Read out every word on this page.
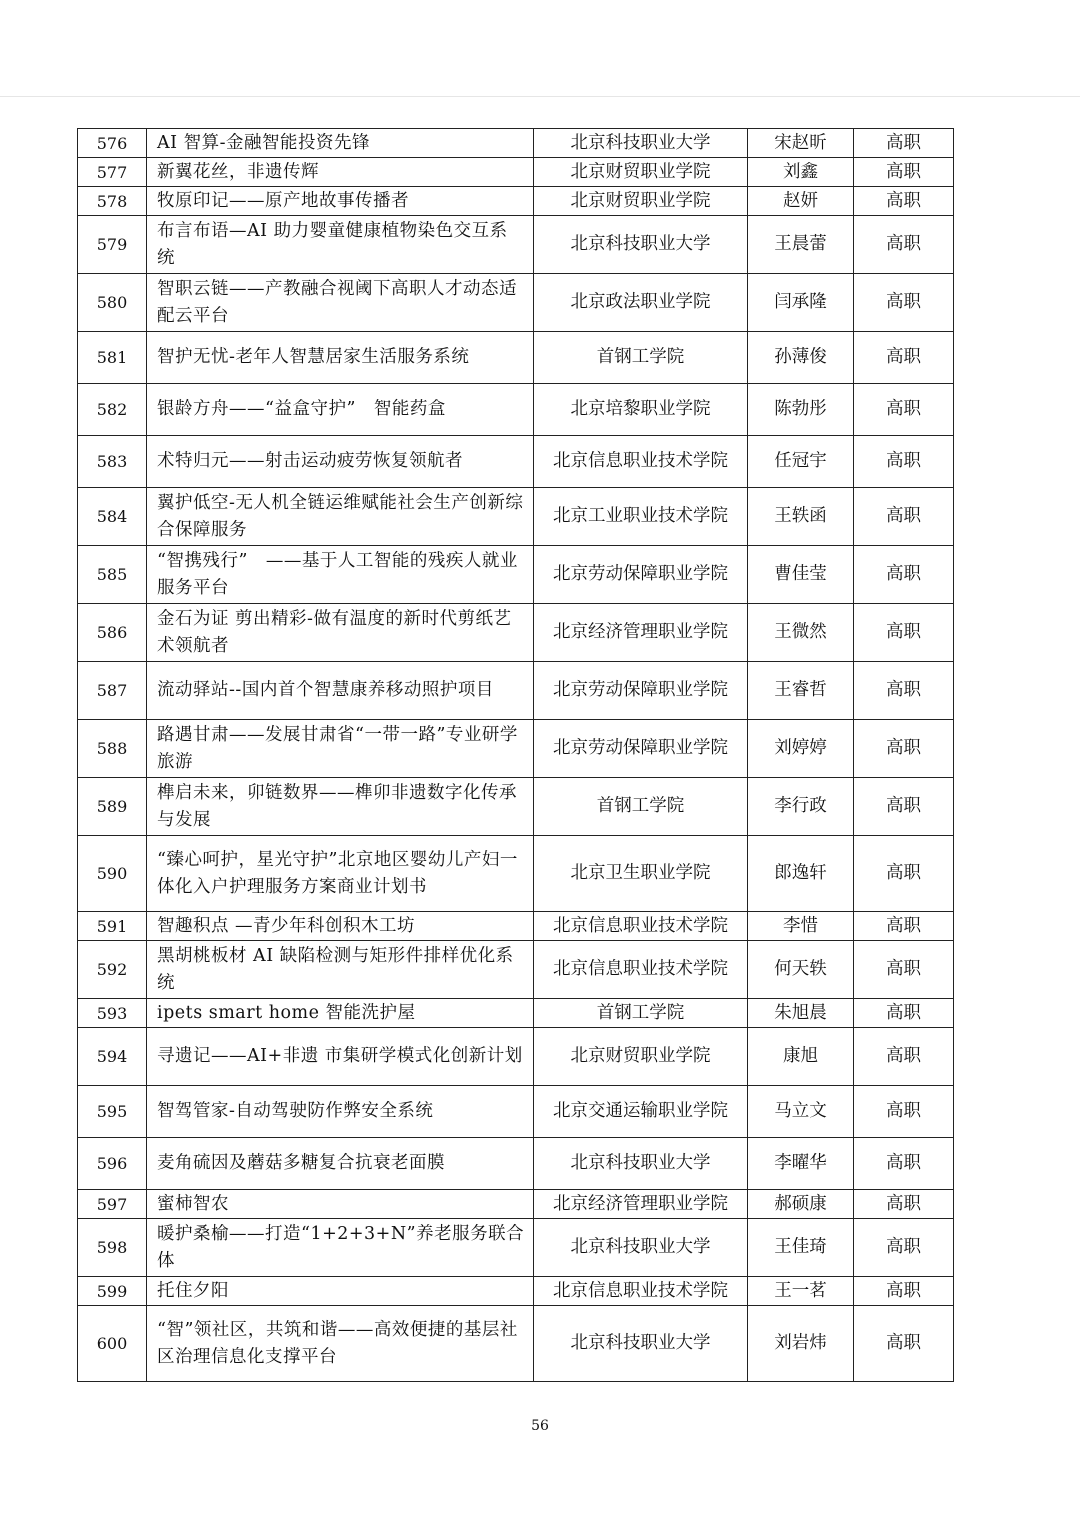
576	AI 智算-金融智能投资先锋	北京科技职业大学	宋赵昕	高职
577	新翼花丝，非遗传辉	北京财贸职业学院	刘鑫	高职
578	牧原印记——原产地故事传播者	北京财贸职业学院	赵妍	高职
579	布言布语—AI 助力婴童健康植物染色交互系统	北京科技职业大学	王晨蕾	高职
580	智职云链——产教融合视阈下高职人才动态适配云平台	北京政法职业学院	闫承隆	高职
581	智护无忧-老年人智慧居家生活服务系统	首钢工学院	孙薄俊	高职
582	银龄方舟——“益盒守护”　智能药盒	北京培黎职业学院	陈勃彤	高职
583	术特归元——射击运动疲劳恢复领航者	北京信息职业技术学院	任冠宇	高职
584	翼护低空-无人机全链运维赋能社会生产创新综合保障服务	北京工业职业技术学院	王轶函	高职
585	“智携残行”　——基于人工智能的残疾人就业服务平台	北京劳动保障职业学院	曹佳莹	高职
586	金石为证 剪出精彩-做有温度的新时代剪纸艺术领航者	北京经济管理职业学院	王微然	高职
587	流动驿站--国内首个智慧康养移动照护项目	北京劳动保障职业学院	王睿哲	高职
588	路遇甘肃——发展甘肃省“一带一路”专业研学旅游	北京劳动保障职业学院	刘婷婷	高职
589	榫启未来，卯链数界——榫卯非遗数字化传承与发展	首钢工学院	李行政	高职
590	“臻心呵护，星光守护”北京地区婴幼儿产妇一体化入户护理服务方案商业计划书	北京卫生职业学院	郎逸轩	高职
591	智趣积点 —青少年科创积木工坊	北京信息职业技术学院	李惜	高职
592	黑胡桃板材 AI 缺陷检测与矩形件排样优化系统	北京信息职业技术学院	何天轶	高职
593	ipets smart home 智能洗护屋	首钢工学院	朱旭晨	高职
594	寻遗记——AI+非遗 市集研学模式化创新计划	北京财贸职业学院	康旭	高职
595	智驾管家-自动驾驶防作弊安全系统	北京交通运输职业学院	马立文	高职
596	麦角硫因及蘑菇多糖复合抗衰老面膜	北京科技职业大学	李曜华	高职
597	蜜柿智农	北京经济管理职业学院	郝硕康	高职
598	暖护桑榆——打造“1+2+3+N”养老服务联合体	北京科技职业大学	王佳琦	高职
599	托住夕阳	北京信息职业技术学院	王一茗	高职
600	“智”领社区，共筑和谐——高效便捷的基层社区治理信息化支撑平台	北京科技职业大学	刘岩炜	高职
56
